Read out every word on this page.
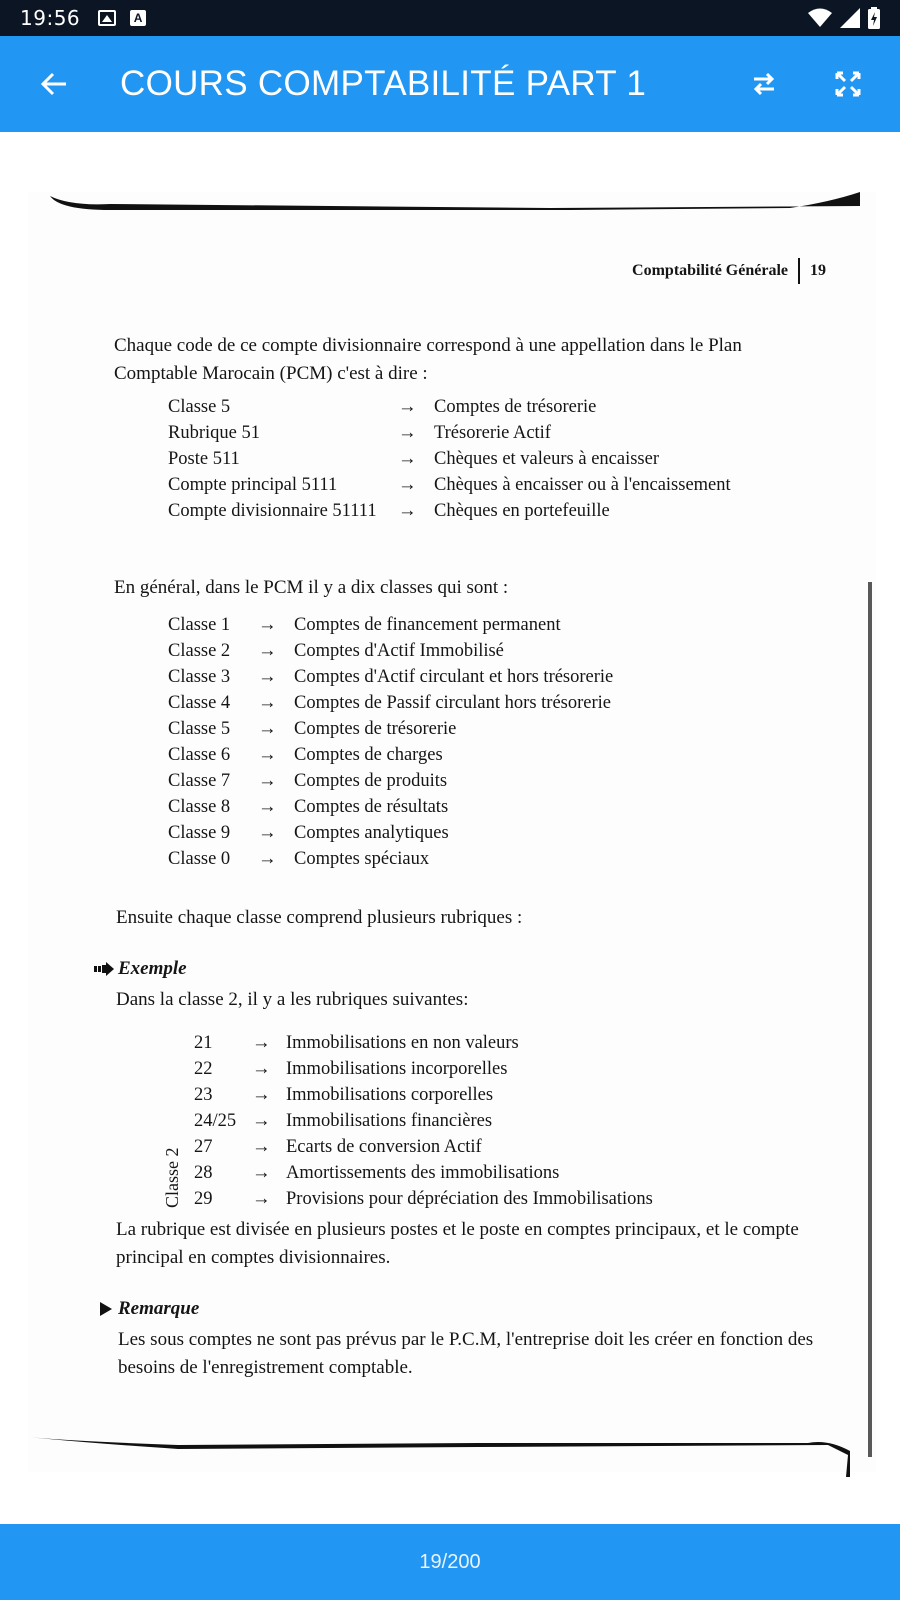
19:56	A
COURS COMPTABILITÉ PART 1
Comptabilité Générale 19

Chaque code de ce compte divisionnaire correspond à une appellation dans le Plan Comptable Marocain (PCM) c'est à dire :

Classe 5	→ Comptes de trésorerie
Rubrique 51	→ Trésorerie Actif
Poste 511	→ Chèques et valeurs à encaisser
Compte principal 5111	→ Chèques à encaisser ou à l'encaissement
Compte divisionnaire 51111	→ Chèques en portefeuille

En général, dans le PCM il y a dix classes qui sont :

Classe 1	→ Comptes de financement permanent
Classe 2	→ Comptes d'Actif Immobilisé
Classe 3	→ Comptes d'Actif circulant et hors trésorerie
Classe 4	→ Comptes de Passif circulant hors trésorerie
Classe 5	→ Comptes de trésorerie
Classe 6	→ Comptes de charges
Classe 7	→ Comptes de produits
Classe 8	→ Comptes de résultats
Classe 9	→ Comptes analytiques
Classe 0	→ Comptes spéciaux

Ensuite chaque classe comprend plusieurs rubriques :

Exemple

Dans la classe 2, il y a les rubriques suivantes:

Classe 2
21	→ Immobilisations en non valeurs
22	→ Immobilisations incorporelles
23	→ Immobilisations corporelles
24/25 → Immobilisations financières
27	→ Ecarts de conversion Actif
28	→ Amortissements des immobilisations
29	→ Provisions pour dépréciation des Immobilisations

La rubrique est divisée en plusieurs postes et le poste en comptes principaux, et le compte principal en comptes divisionnaires.

Remarque

Les sous comptes ne sont pas prévus par le P.C.M, l'entreprise doit les créer en fonction des besoins de l'enregistrement comptable.

19/200
